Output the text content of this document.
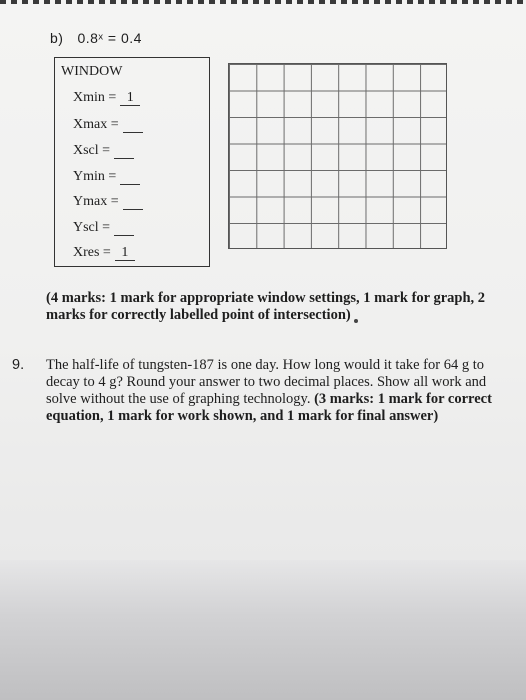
b) 0.8ˣ = 0.4
WINDOW
Xmin = 1
Xmax =
Xscl =
Ymin =
Ymax =
Yscl =
Xres = 1
(4 marks: 1 mark for appropriate window settings, 1 mark for graph, 2 marks for correctly labelled point of intersection)
9. The half-life of tungsten-187 is one day. How long would it take for 64 g to decay to 4 g? Round your answer to two decimal places. Show all work and solve without the use of graphing technology. (3 marks: 1 mark for correct equation, 1 mark for work shown, and 1 mark for final answer)
